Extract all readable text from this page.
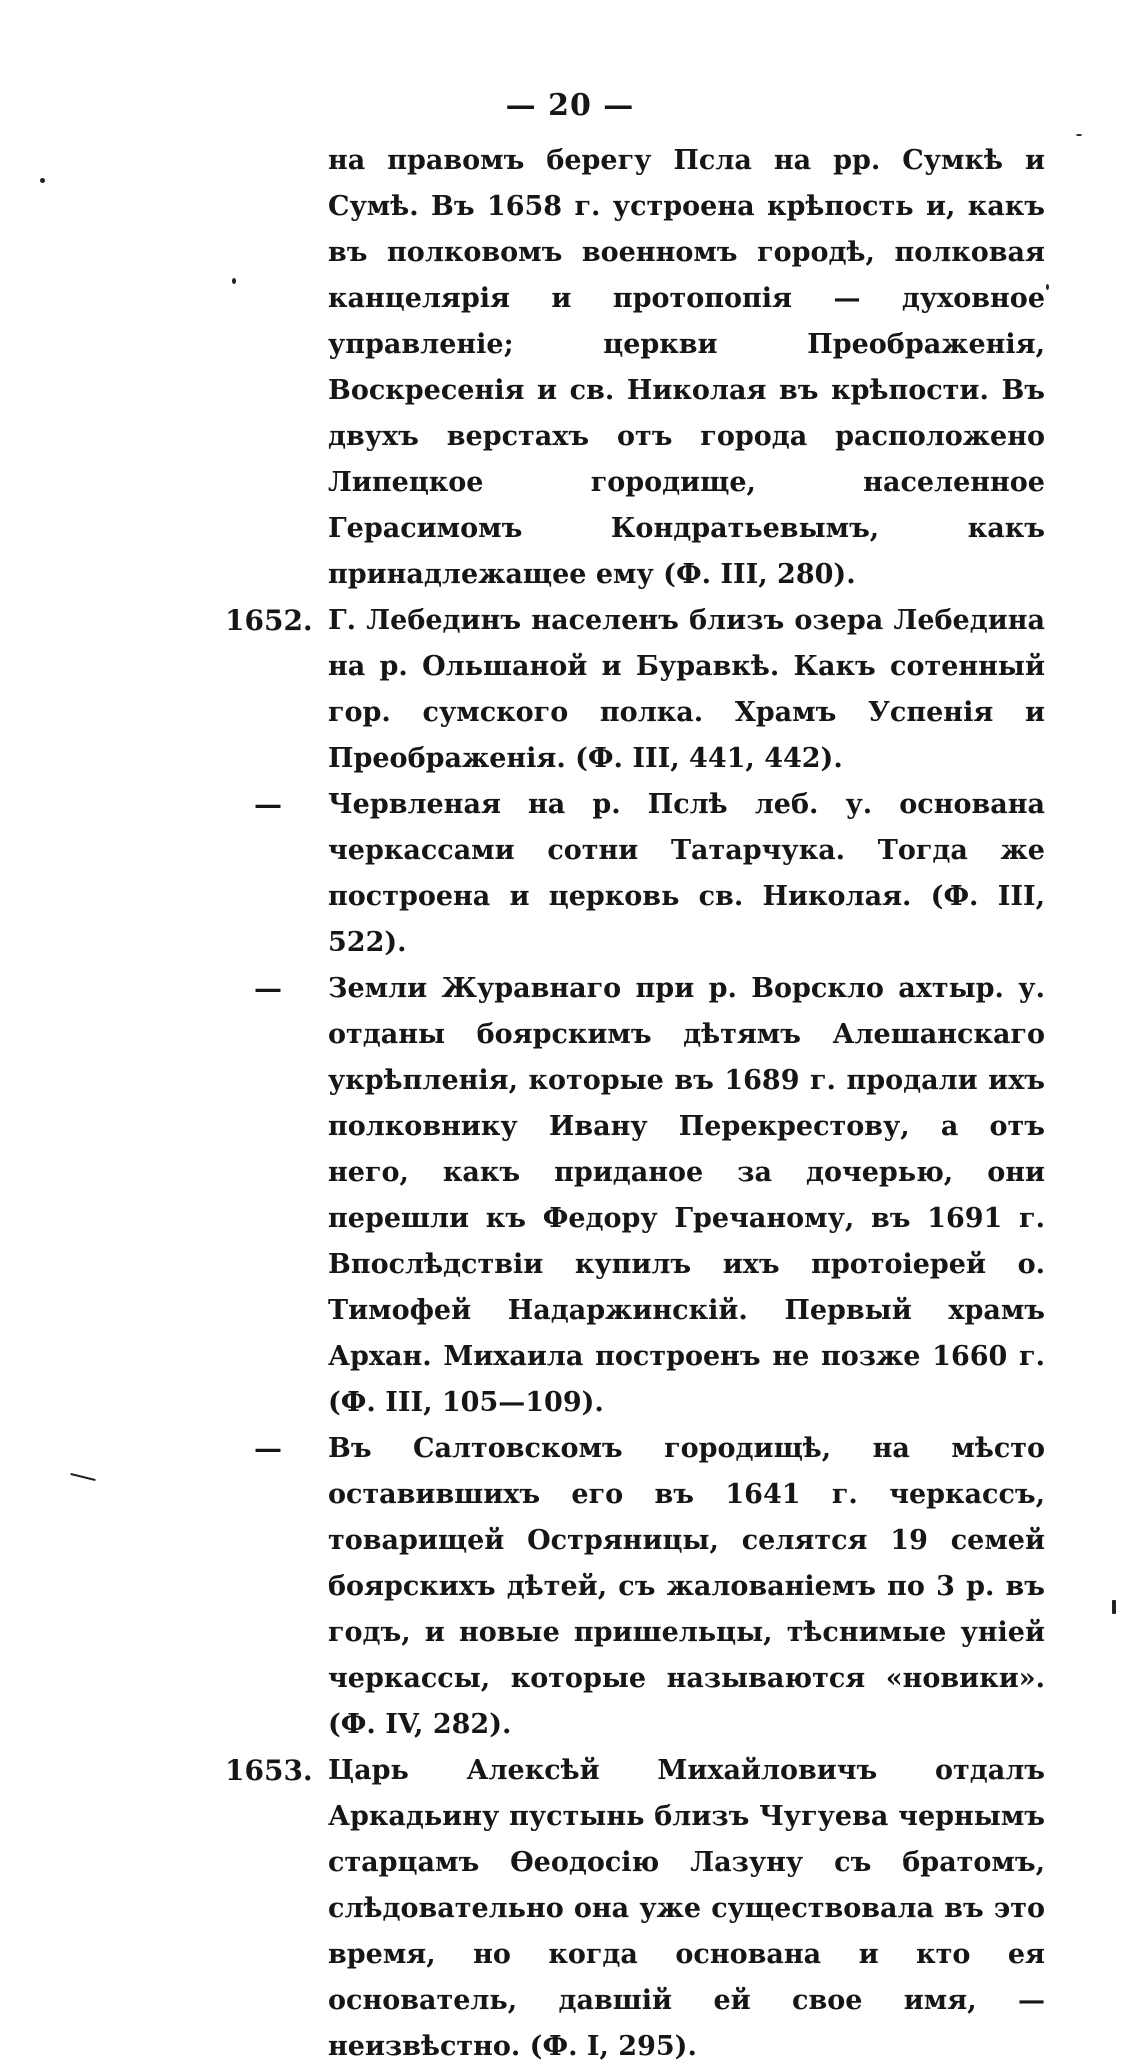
— 20 —

на правомъ берегу Псла на рр. Сумкѣ и Сумѣ. Въ 1658 г. устроена крѣпость и, какъ въ полковомъ военномъ городѣ, полковая канцелярія и протопопія — духовное управленіе; церкви Преображенія, Воскресенія и св. Николая въ крѣпости. Въ двухъ верстахъ отъ города расположено Липецкое городище, населенное Герасимомъ Кондратьевымъ, какъ принадлежащее ему (Ф. III, 280).

1652. Г. Лебединъ населенъ близъ озера Лебедина на р. Ольшаной и Буравкѣ. Какъ сотенный гор. сумского полка. Храмъ Успенія и Преображенія. (Ф. III, 441, 442).

—	Червленая на р. Пслѣ леб. у. основана черкассами сотни Татарчука. Тогда же построена и церковь св. Николая. (Ф. III, 522).

—	Земли Журавнаго при р. Ворскло ахтыр. у. отданы боярскимъ дѣтямъ Алешанскаго укрѣпленія, которые въ 1689 г. продали ихъ полковнику Ивану Перекрестову, а отъ него, какъ приданое за дочерью, они перешли къ Федору Гречаному, въ 1691 г. Впослѣдствіи купилъ ихъ протоіерей о. Тимофей Надаржинскій. Первый храмъ Архан. Михаила построенъ не позже 1660 г. (Ф. III, 105—109).

—	Въ Салтовскомъ городищѣ, на мѣсто оставившихъ его въ 1641 г. черкассъ, товарищей Остряницы, селятся 19 семей боярскихъ дѣтей, съ жалованіемъ по 3 р. въ годъ, и новые пришельцы, тѣснимые уніей черкассы, которые называются «новики». (Ф. IV, 282).

1653. Царь Алексѣй Михайловичъ отдалъ Аркадьину пустынь близъ Чугуева чернымъ старцамъ Ѳеодосію Лазуну съ братомъ, слѣдовательно она уже существовала въ это время, но когда основана и кто ея основатель, давшій ей свое имя, — неизвѣстно. (Ф. I, 295).
